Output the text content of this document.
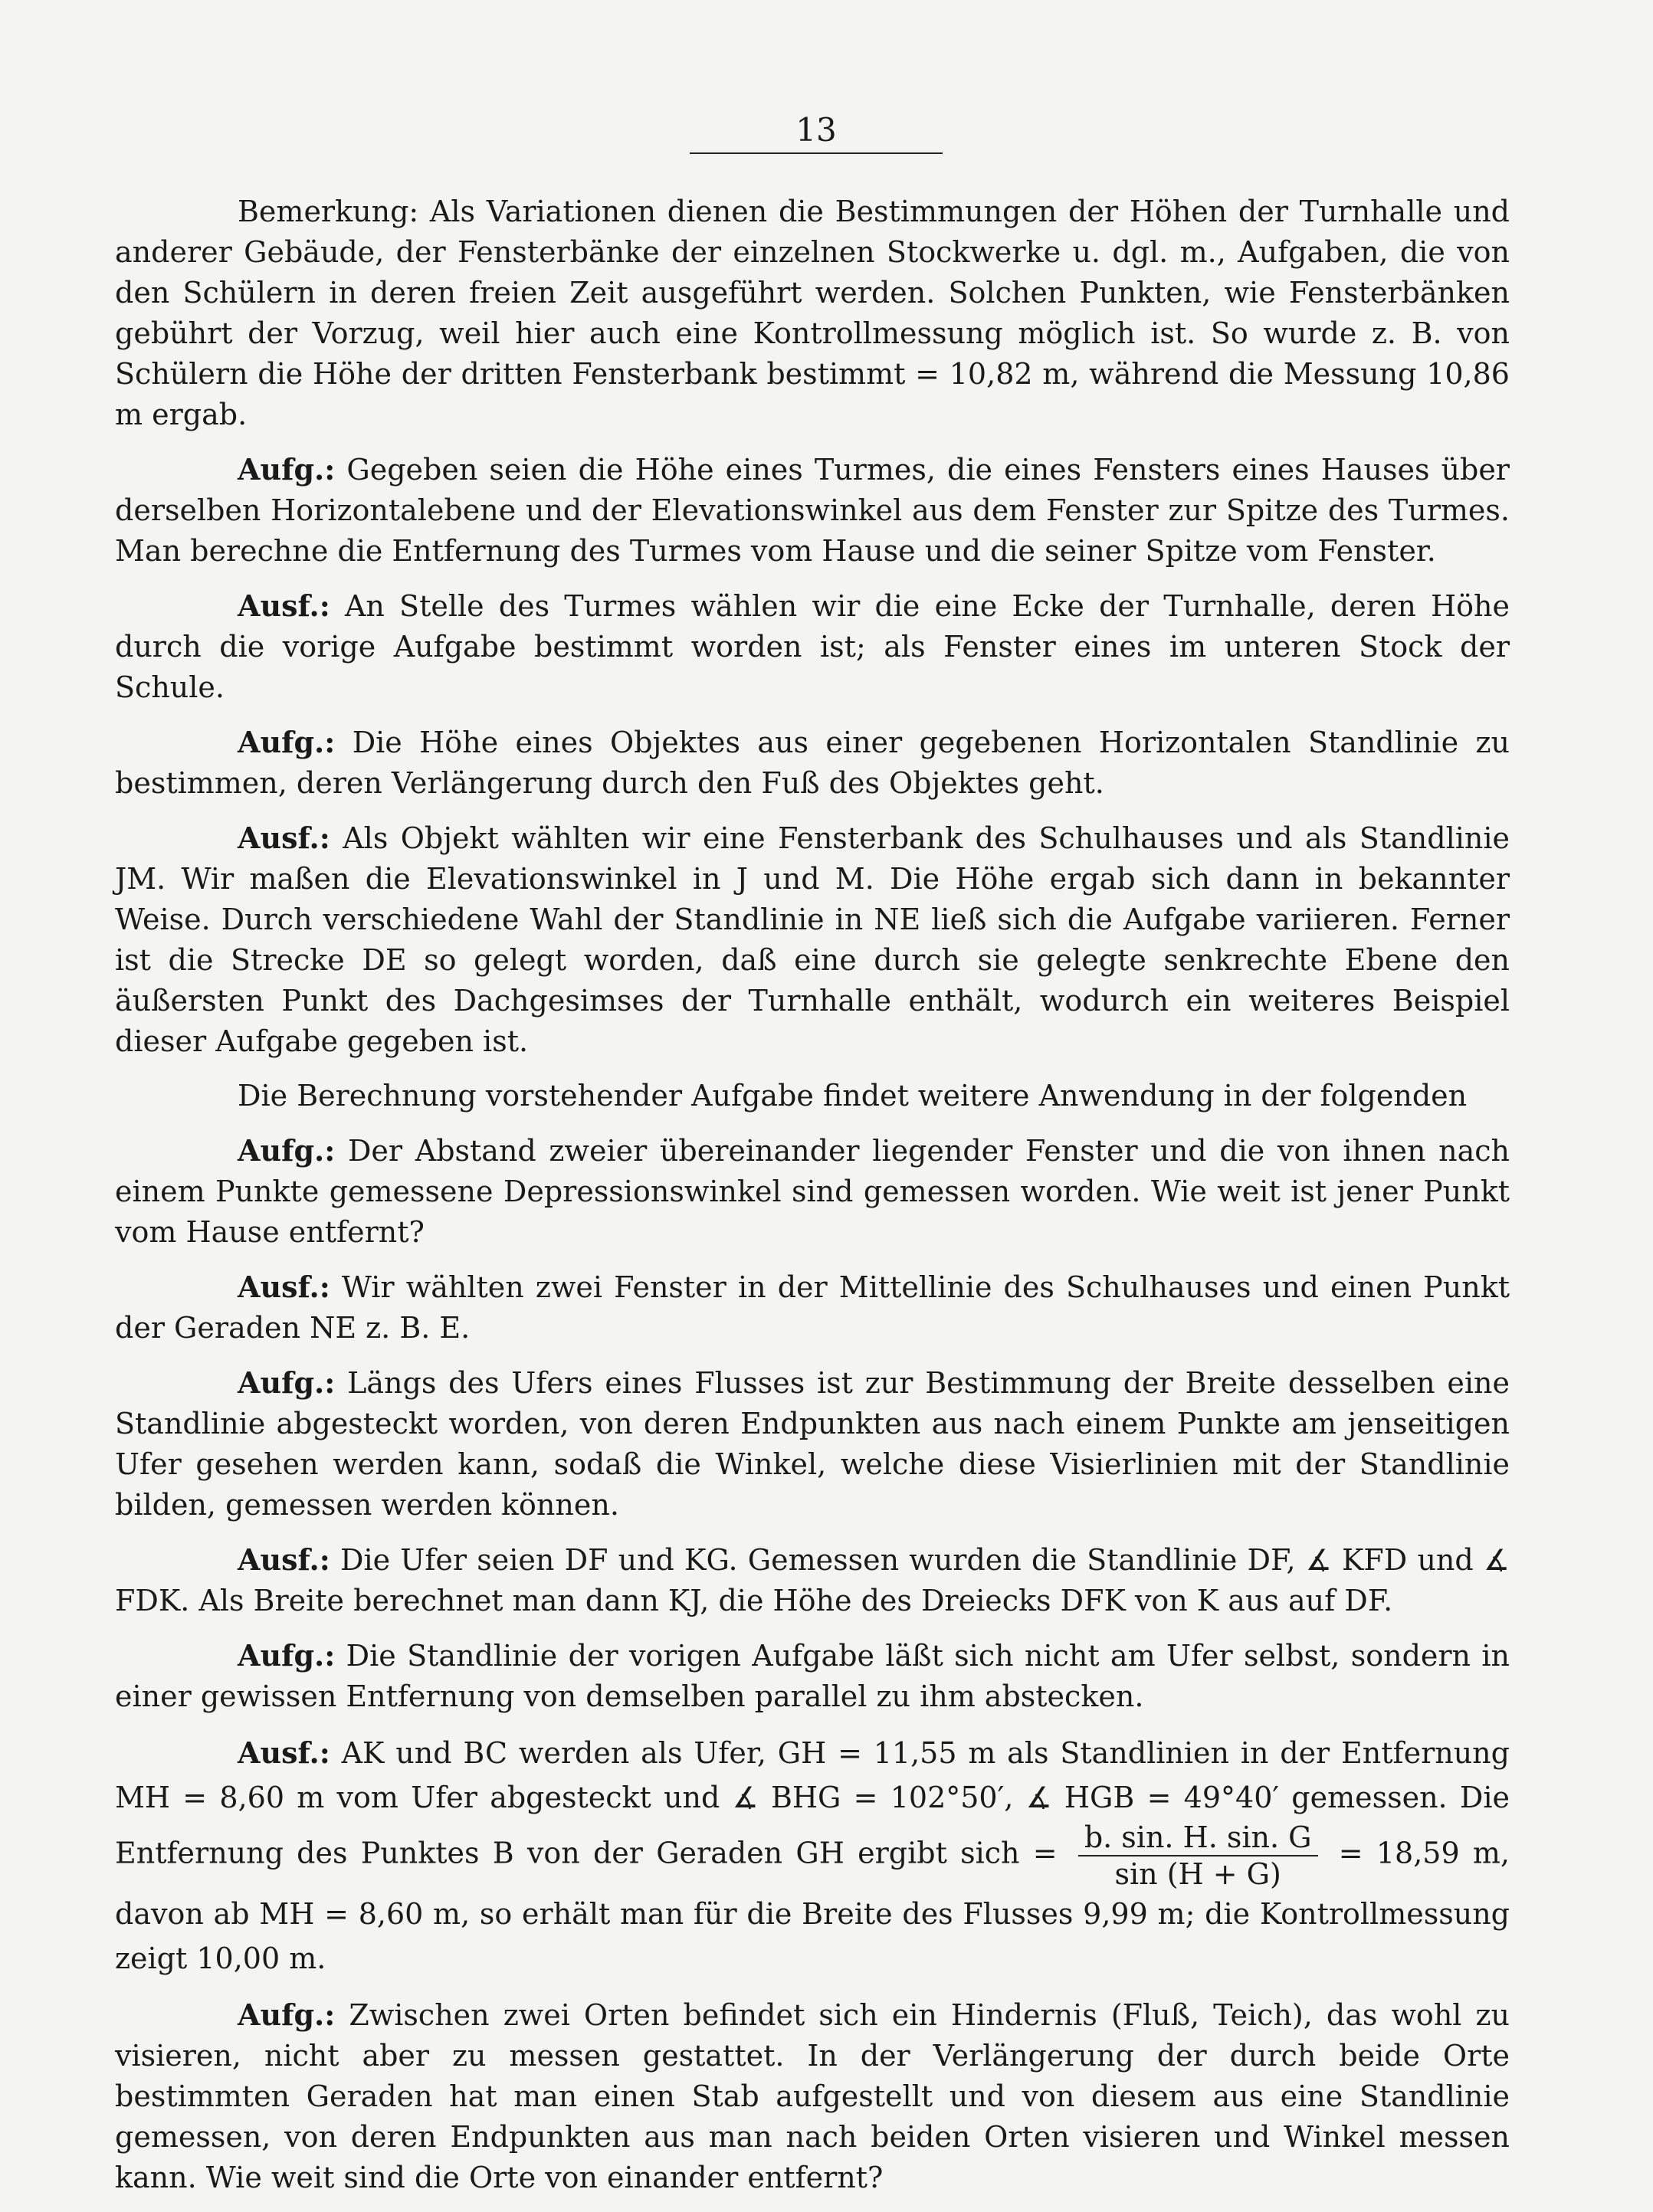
13

Bemerkung: Als Variationen dienen die Bestimmungen der Höhen der Turnhalle und anderer Gebäude, der Fensterbänke der einzelnen Stockwerke u. dgl. m., Aufgaben, die von den Schülern in deren freien Zeit ausgeführt werden. Solchen Punkten, wie Fensterbänken gebührt der Vorzug, weil hier auch eine Kontrollmessung möglich ist. So wurde z. B. von Schülern die Höhe der dritten Fensterbank bestimmt = 10,82 m, während die Messung 10,86 m ergab.

Aufg.: Gegeben seien die Höhe eines Turmes, die eines Fensters eines Hauses über derselben Horizontalebene und der Elevationswinkel aus dem Fenster zur Spitze des Turmes. Man berechne die Entfernung des Turmes vom Hause und die seiner Spitze vom Fenster.

Ausf.: An Stelle des Turmes wählen wir die eine Ecke der Turnhalle, deren Höhe durch die vorige Aufgabe bestimmt worden ist; als Fenster eines im unteren Stock der Schule.

Aufg.: Die Höhe eines Objektes aus einer gegebenen Horizontalen Standlinie zu bestimmen, deren Verlängerung durch den Fuß des Objektes geht.

Ausf.: Als Objekt wählten wir eine Fensterbank des Schulhauses und als Standlinie JM. Wir maßen die Elevationswinkel in J und M. Die Höhe ergab sich dann in bekannter Weise. Durch verschiedene Wahl der Standlinie in NE ließ sich die Aufgabe variieren. Ferner ist die Strecke DE so gelegt worden, daß eine durch sie gelegte senkrechte Ebene den äußersten Punkt des Dachgesimses der Turnhalle enthält, wodurch ein weiteres Beispiel dieser Aufgabe gegeben ist.

Die Berechnung vorstehender Aufgabe findet weitere Anwendung in der folgenden

Aufg.: Der Abstand zweier übereinander liegender Fenster und die von ihnen nach einem Punkte gemessene Depressionswinkel sind gemessen worden. Wie weit ist jener Punkt vom Hause entfernt?

Ausf.: Wir wählten zwei Fenster in der Mittellinie des Schulhauses und einen Punkt der Geraden NE z. B. E.

Aufg.: Längs des Ufers eines Flusses ist zur Bestimmung der Breite desselben eine Standlinie abgesteckt worden, von deren Endpunkten aus nach einem Punkte am jenseitigen Ufer gesehen werden kann, sodaß die Winkel, welche diese Visierlinien mit der Standlinie bilden, gemessen werden können.

Ausf.: Die Ufer seien DF und KG. Gemessen wurden die Standlinie DF, ∡ KFD und ∡ FDK. Als Breite berechnet man dann KJ, die Höhe des Dreiecks DFK von K aus auf DF.

Aufg.: Die Standlinie der vorigen Aufgabe läßt sich nicht am Ufer selbst, sondern in einer gewissen Entfernung von demselben parallel zu ihm abstecken.

Ausf.: AK und BC werden als Ufer, GH = 11,55 m als Standlinien in der Entfernung MH = 8,60 m vom Ufer abgesteckt und ∡ BHG = 102°50′, ∡ HGB = 49°40′ gemessen. Die Entfernung des Punktes B von der Geraden GH ergibt sich = $\frac{b. \sin. H. \sin. G}{\sin (H + G)} = 18,59$ m, davon ab MH = 8,60 m, so erhält man für die Breite des Flusses 9,99 m; die Kontrollmessung zeigt 10,00 m.

Aufg.: Zwischen zwei Orten befindet sich ein Hindernis (Fluß, Teich), das wohl zu visieren, nicht aber zu messen gestattet. In der Verlängerung der durch beide Orte bestimmten Geraden hat man einen Stab aufgestellt und von diesem aus eine Standlinie gemessen, von deren Endpunkten aus man nach beiden Orten visieren und Winkel messen kann. Wie weit sind die Orte von einander entfernt?
